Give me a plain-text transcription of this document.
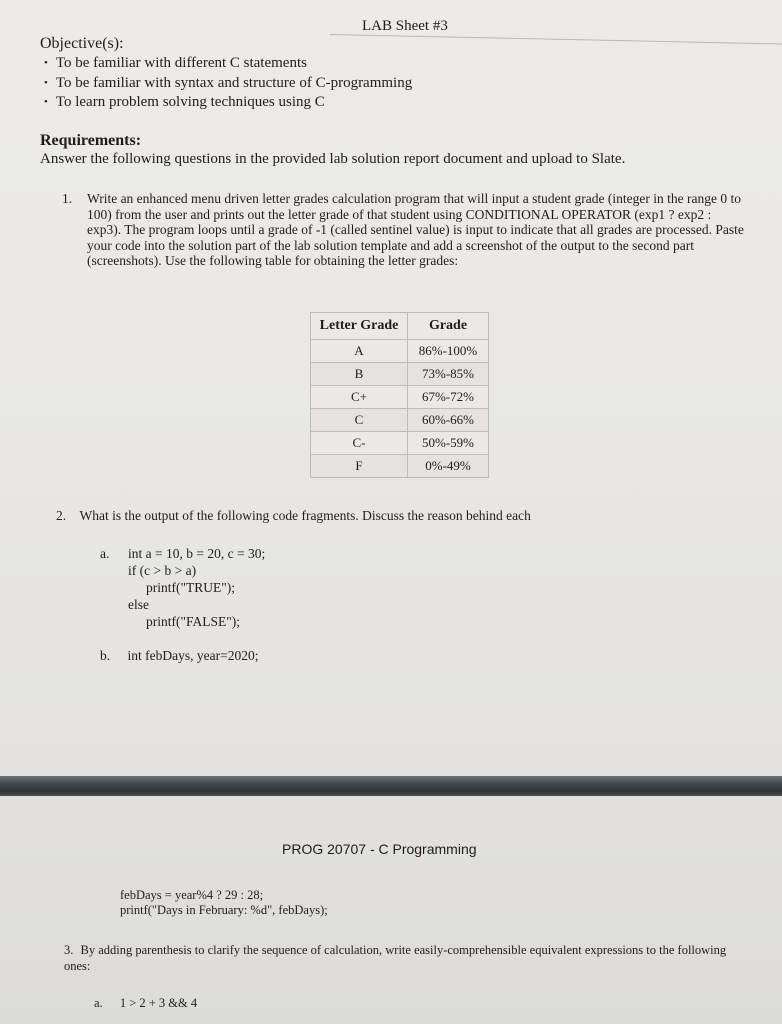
LAB Sheet #3
Objective(s):
• To be familiar with different C statements
• To be familiar with syntax and structure of C-programming
• To learn problem solving techniques using C
Requirements:
Answer the following questions in the provided lab solution report document and upload to Slate.
1. Write an enhanced menu driven letter grades calculation program that will input a student grade (integer in the range 0 to 100) from the user and prints out the letter grade of that student using CONDITIONAL OPERATOR (exp1 ? exp2 : exp3). The program loops until a grade of -1 (called sentinel value) is input to indicate that all grades are processed. Paste your code into the solution part of the lab solution template and add a screenshot of the output to the second part (screenshots). Use the following table for obtaining the letter grades:
Letter Grade	Grade
A	86%-100%
B	73%-85%
C+	67%-72%
C	60%-66%
C-	50%-59%
F	0%-49%
2. What is the output of the following code fragments. Discuss the reason behind each
a. int a = 10, b = 20, c = 30;
if (c > b > a)
printf("TRUE");
else
printf("FALSE");
b. int febDays, year=2020;
PROG 20707 - C Programming
febDays = year%4 ? 29 : 28;
printf("Days in February: %d", febDays);
3. By adding parenthesis to clarify the sequence of calculation, write easily-comprehensible equivalent expressions to the following ones:
a. 1 > 2 + 3 && 4
